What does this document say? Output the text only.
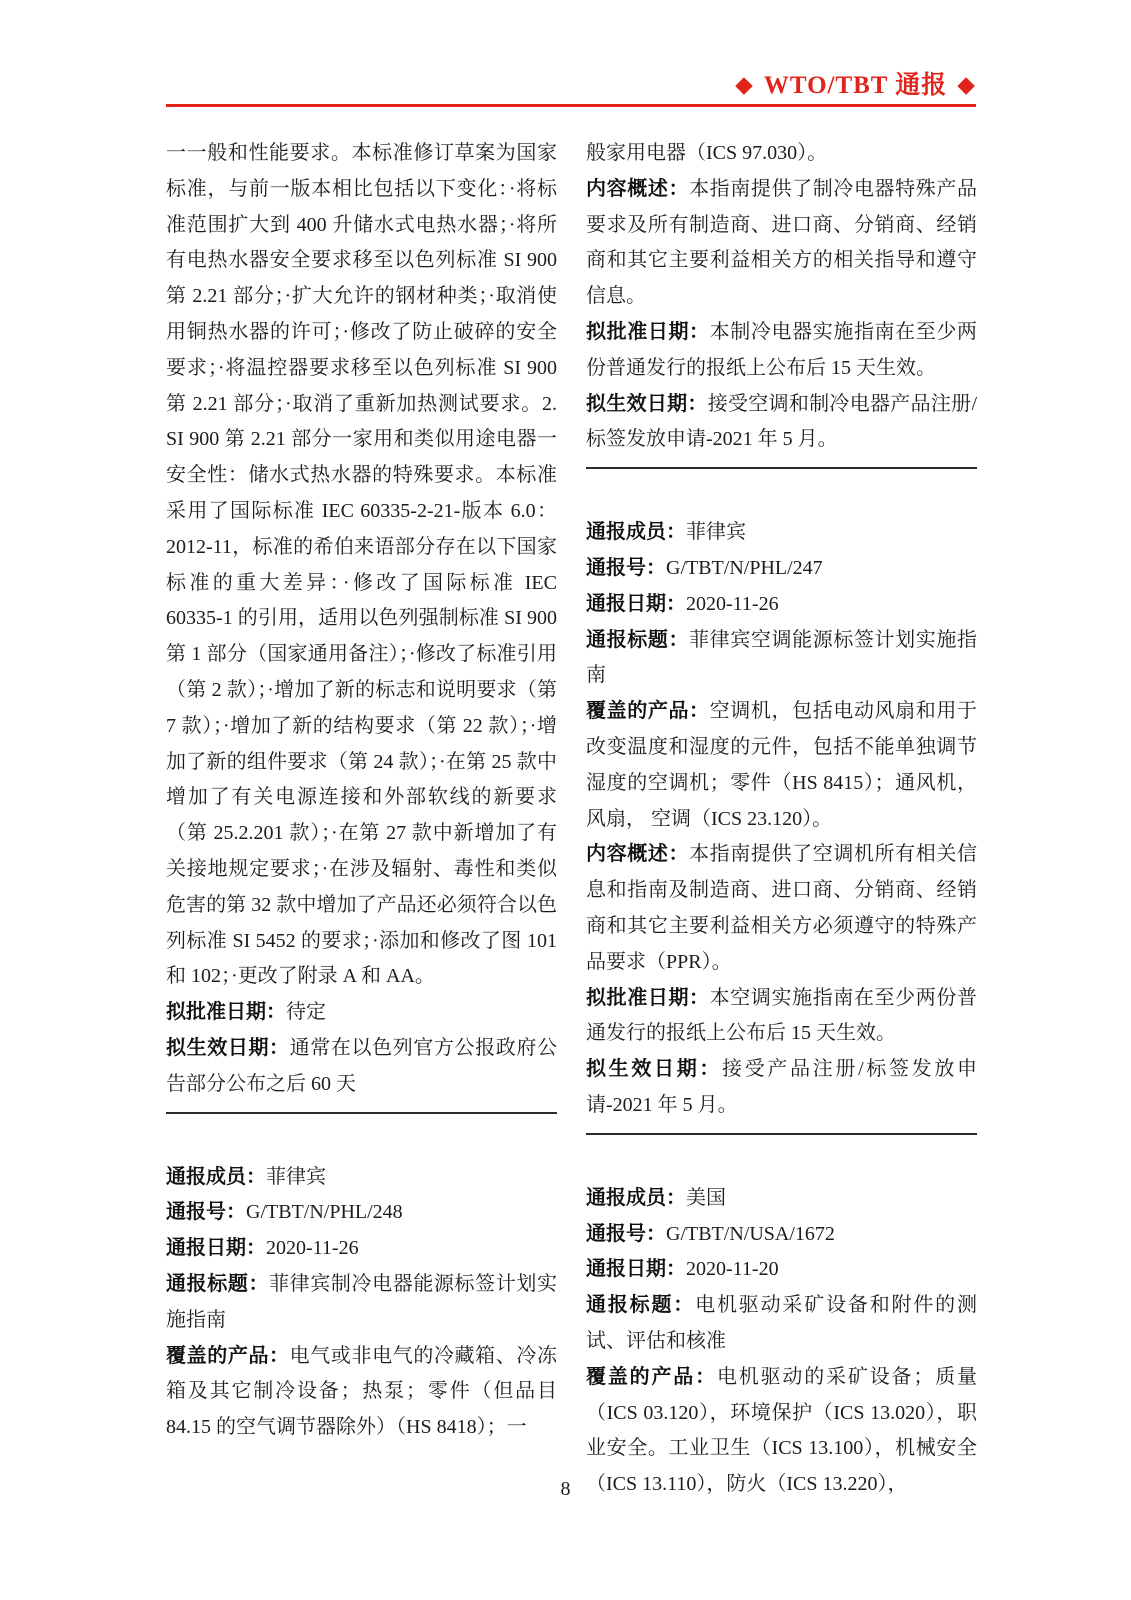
◆ WTO/TBT 通报 ◆

一一般和性能要求。本标准修订草案为国家标准，与前一版本相比包括以下变化：·将标准范围扩大到 400 升储水式电热水器；·将所有电热水器安全要求移至以色列标准 SI 900 第 2.21 部分；·扩大允许的钢材种类；·取消使用铜热水器的许可；·修改了防止破碎的安全要求；·将温控器要求移至以色列标准 SI 900 第 2.21 部分；·取消了重新加热测试要求。2. SI 900 第 2.21 部分一家用和类似用途电器一安全性：储水式热水器的特殊要求。本标准采用了国际标准 IEC 60335-2-21-版本 6.0：2012-11，标准的希伯来语部分存在以下国家标准的重大差异：·修改了国际标准 IEC 60335-1 的引用，适用以色列强制标准 SI 900 第 1 部分（国家通用备注）；·修改了标准引用（第 2 款）；·增加了新的标志和说明要求（第 7 款）；·增加了新的结构要求（第 22 款）；·增加了新的组件要求（第 24 款）；·在第 25 款中增加了有关电源连接和外部软线的新要求（第 25.2.201 款）；·在第 27 款中新增加了有关接地规定要求；·在涉及辐射、毒性和类似危害的第 32 款中增加了产品还必须符合以色列标准 SI 5452 的要求；·添加和修改了图 101 和 102；·更改了附录 A 和 AA。

拟批准日期：待定

拟生效日期：通常在以色列官方公报政府公告部分公布之后 60 天

通报成员：菲律宾

通报号：G/TBT/N/PHL/248

通报日期：2020-11-26

通报标题：菲律宾制冷电器能源标签计划实施指南

覆盖的产品：电气或非电气的冷藏箱、冷冻箱及其它制冷设备；热泵；零件（但品目 84.15 的空气调节器除外）（HS 8418）；一

般家用电器（ICS 97.030）。

内容概述：本指南提供了制冷电器特殊产品要求及所有制造商、进口商、分销商、经销商和其它主要利益相关方的相关指导和遵守信息。

拟批准日期：本制冷电器实施指南在至少两份普通发行的报纸上公布后 15 天生效。

拟生效日期：接受空调和制冷电器产品注册/标签发放申请-2021 年 5 月。

通报成员：菲律宾

通报号：G/TBT/N/PHL/247

通报日期：2020-11-26

通报标题：菲律宾空调能源标签计划实施指南

覆盖的产品：空调机，包括电动风扇和用于改变温度和湿度的元件，包括不能单独调节湿度的空调机；零件（HS 8415）；通风机，风扇， 空调（ICS 23.120）。

内容概述：本指南提供了空调机所有相关信息和指南及制造商、进口商、分销商、经销商和其它主要利益相关方必须遵守的特殊产品要求（PPR）。

拟批准日期：本空调实施指南在至少两份普通发行的报纸上公布后 15 天生效。

拟生效日期：接受产品注册/标签发放申请-2021 年 5 月。

通报成员：美国

通报号：G/TBT/N/USA/1672

通报日期：2020-11-20

通报标题：电机驱动采矿设备和附件的测试、评估和核准

覆盖的产品：电机驱动的采矿设备；质量（ICS 03.120），环境保护（ICS 13.020），职业安全。工业卫生（ICS 13.100），机械安全（ICS 13.110），防火（ICS 13.220），

8
